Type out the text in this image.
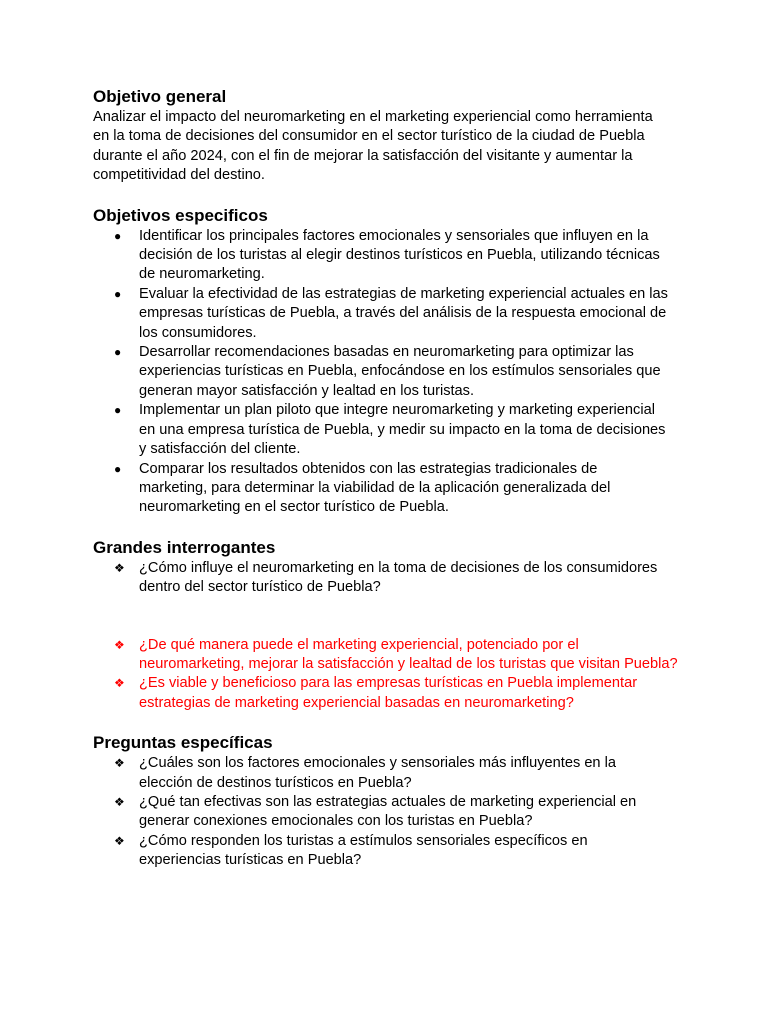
Objetivo general

Analizar el impacto del neuromarketing en el marketing experiencial como herramienta en la toma de decisiones del consumidor en el sector turístico de la ciudad de Puebla durante el año 2024, con el fin de mejorar la satisfacción del visitante y aumentar la competitividad del destino.

Objetivos especificos
●	Identificar los principales factores emocionales y sensoriales que influyen en la decisión de los turistas al elegir destinos turísticos en Puebla, utilizando técnicas de neuromarketing.
●	Evaluar la efectividad de las estrategias de marketing experiencial actuales en las empresas turísticas de Puebla, a través del análisis de la respuesta emocional de los consumidores.
●	Desarrollar recomendaciones basadas en neuromarketing para optimizar las experiencias turísticas en Puebla, enfocándose en los estímulos sensoriales que generan mayor satisfacción y lealtad en los turistas.
●	Implementar un plan piloto que integre neuromarketing y marketing experiencial en una empresa turística de Puebla, y medir su impacto en la toma de decisiones y satisfacción del cliente.
●	Comparar los resultados obtenidos con las estrategias tradicionales de marketing, para determinar la viabilidad de la aplicación generalizada del neuromarketing en el sector turístico de Puebla.
Grandes interrogantes
❖ ¿Cómo influye el neuromarketing en la toma de decisiones de los consumidores dentro del sector turístico de Puebla?
❖ ¿De qué manera puede el marketing experiencial, potenciado por el neuromarketing, mejorar la satisfacción y lealtad de los turistas que visitan Puebla?
❖ ¿Es viable y beneficioso para las empresas turísticas en Puebla implementar estrategias de marketing experiencial basadas en neuromarketing?
Preguntas específicas
❖ ¿Cuáles son los factores emocionales y sensoriales más influyentes en la elección de destinos turísticos en Puebla?
❖ ¿Qué tan efectivas son las estrategias actuales de marketing experiencial en generar conexiones emocionales con los turistas en Puebla?
❖ ¿Cómo responden los turistas a estímulos sensoriales específicos en experiencias turísticas en Puebla?
